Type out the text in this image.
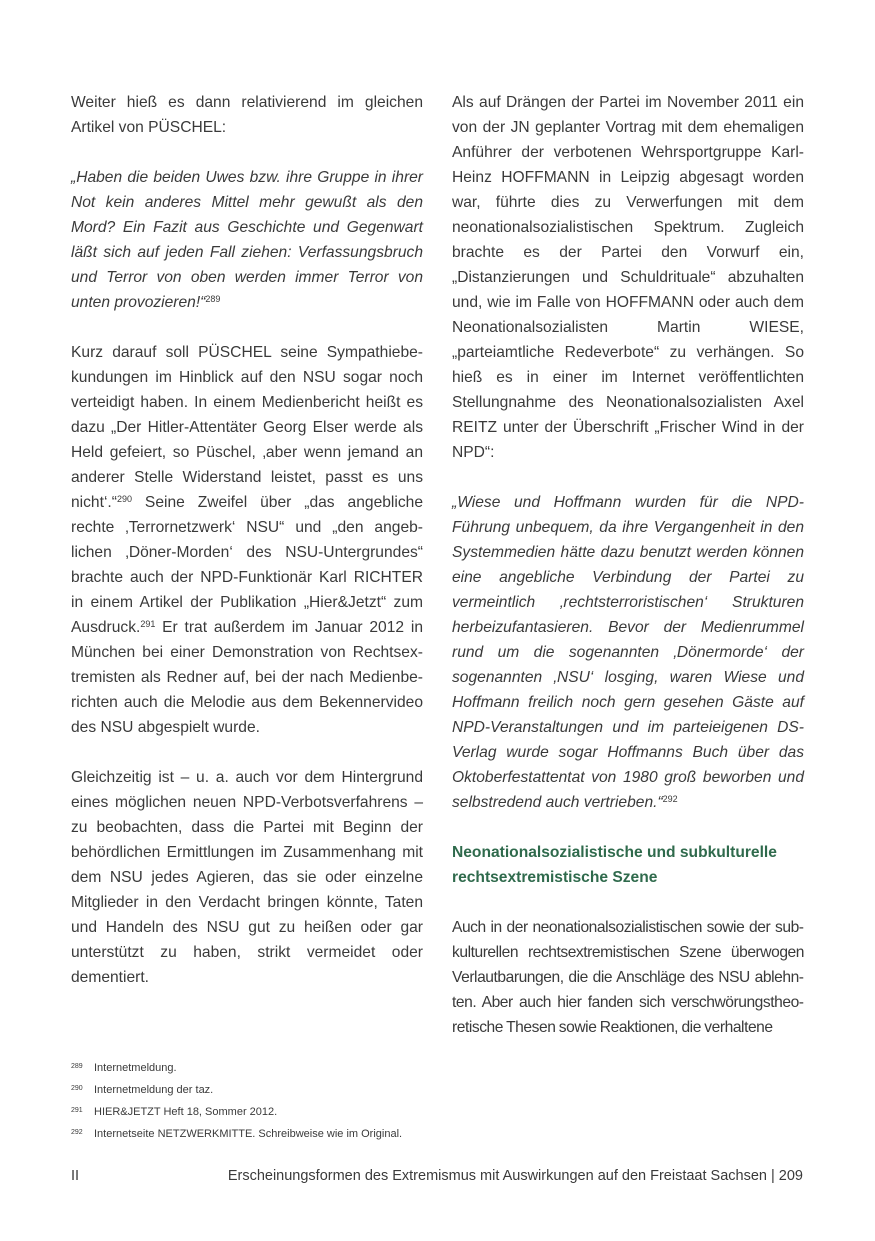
Weiter hieß es dann relativierend im gleichen Artikel von PÜSCHEL:

„Haben die beiden Uwes bzw. ihre Gruppe in ihrer Not kein anderes Mittel mehr gewußt als den Mord? Ein Fazit aus Geschichte und Gegenwart läßt sich auf jeden Fall ziehen: Verfassungsbruch und Terror von oben werden immer Terror von unten provozieren!“$^{289}$

Kurz darauf soll PÜSCHEL seine Sympathiebekundungen im Hinblick auf den NSU sogar noch verteidigt haben. In einem Medienbericht heißt es dazu „Der Hitler-Attentäter Georg Elser werde als Held gefeiert, so Püschel, ‚aber wenn jemand an anderer Stelle Widerstand leistet, passt es uns nicht‘.“$^{290}$ Seine Zweifel über „das angebliche rechte ‚Terrornetzwerk‘ NSU“ und „den angeblichen ‚Döner-Morden‘ des NSU-Untergrundes“ brachte auch der NPD-Funktionär Karl RICHTER in einem Artikel der Publikation „Hier&Jetzt“ zum Ausdruck.$^{291}$ Er trat außerdem im Januar 2012 in München bei einer Demonstration von Rechtsextremisten als Redner auf, bei der nach Medienberichten auch die Melodie aus dem Bekennervideo des NSU abgespielt wurde.

Gleichzeitig ist – u. a. auch vor dem Hintergrund eines möglichen neuen NPD-Verbotsverfahrens – zu beobachten, dass die Partei mit Beginn der behördlichen Ermittlungen im Zusammenhang mit dem NSU jedes Agieren, das sie oder einzelne Mitglieder in den Verdacht bringen könnte, Taten und Handeln des NSU gut zu heißen oder gar unterstützt zu haben, strikt vermeidet oder dementiert.

Als auf Drängen der Partei im November 2011 ein von der JN geplanter Vortrag mit dem ehemaligen Anführer der verbotenen Wehrsportgruppe Karl-Heinz HOFFMANN in Leipzig abgesagt worden war, führte dies zu Verwerfungen mit dem neonationalsozialistischen Spektrum. Zugleich brachte es der Partei den Vorwurf ein, „Distanzierungen und Schuldrituale“ abzuhalten und, wie im Falle von HOFFMANN oder auch dem Neonationalsozialisten Martin WIESE, „parteiamtliche Redeverbote“ zu verhängen. So hieß es in einer im Internet veröffentlichten Stellungnahme des Neonationalsozialisten Axel REITZ unter der Überschrift „Frischer Wind in der NPD“:

„Wiese und Hoffmann wurden für die NPD-Führung unbequem, da ihre Vergangenheit in den Systemmedien hätte dazu benutzt werden können eine angebliche Verbindung der Partei zu vermeintlich ‚rechtsterroristischen‘ Strukturen herbeizufantasieren. Bevor der Medienrummel rund um die sogenannten ‚Dönermorde‘ der sogenannten ‚NSU‘ losging, waren Wiese und Hoffmann freilich noch gern gesehen Gäste auf NPD-Veranstaltungen und im parteieigenen DS-Verlag wurde sogar Hoffmanns Buch über das Oktoberfestattentat von 1980 groß beworben und selbstredend auch vertrieben.“$^{292}$

Neonationalsozialistische und subkulturelle rechtsextremistische Szene

Auch in der neonationalsozialistischen sowie der subkulturellen rechtsextremistischen Szene überwogen Verlautbarungen, die die Anschläge des NSU ablehnten. Aber auch hier fanden sich verschwörungstheoretische Thesen sowie Reaktionen, die verhaltene

289	Internetmeldung.
290	Internetmeldung der taz.
291	HIER&JETZT Heft 18, Sommer 2012.
292	Internetseite NETZWERKMITTE. Schreibweise wie im Original.
II	Erscheinungsformen des Extremismus mit Auswirkungen auf den Freistaat Sachsen | 209
